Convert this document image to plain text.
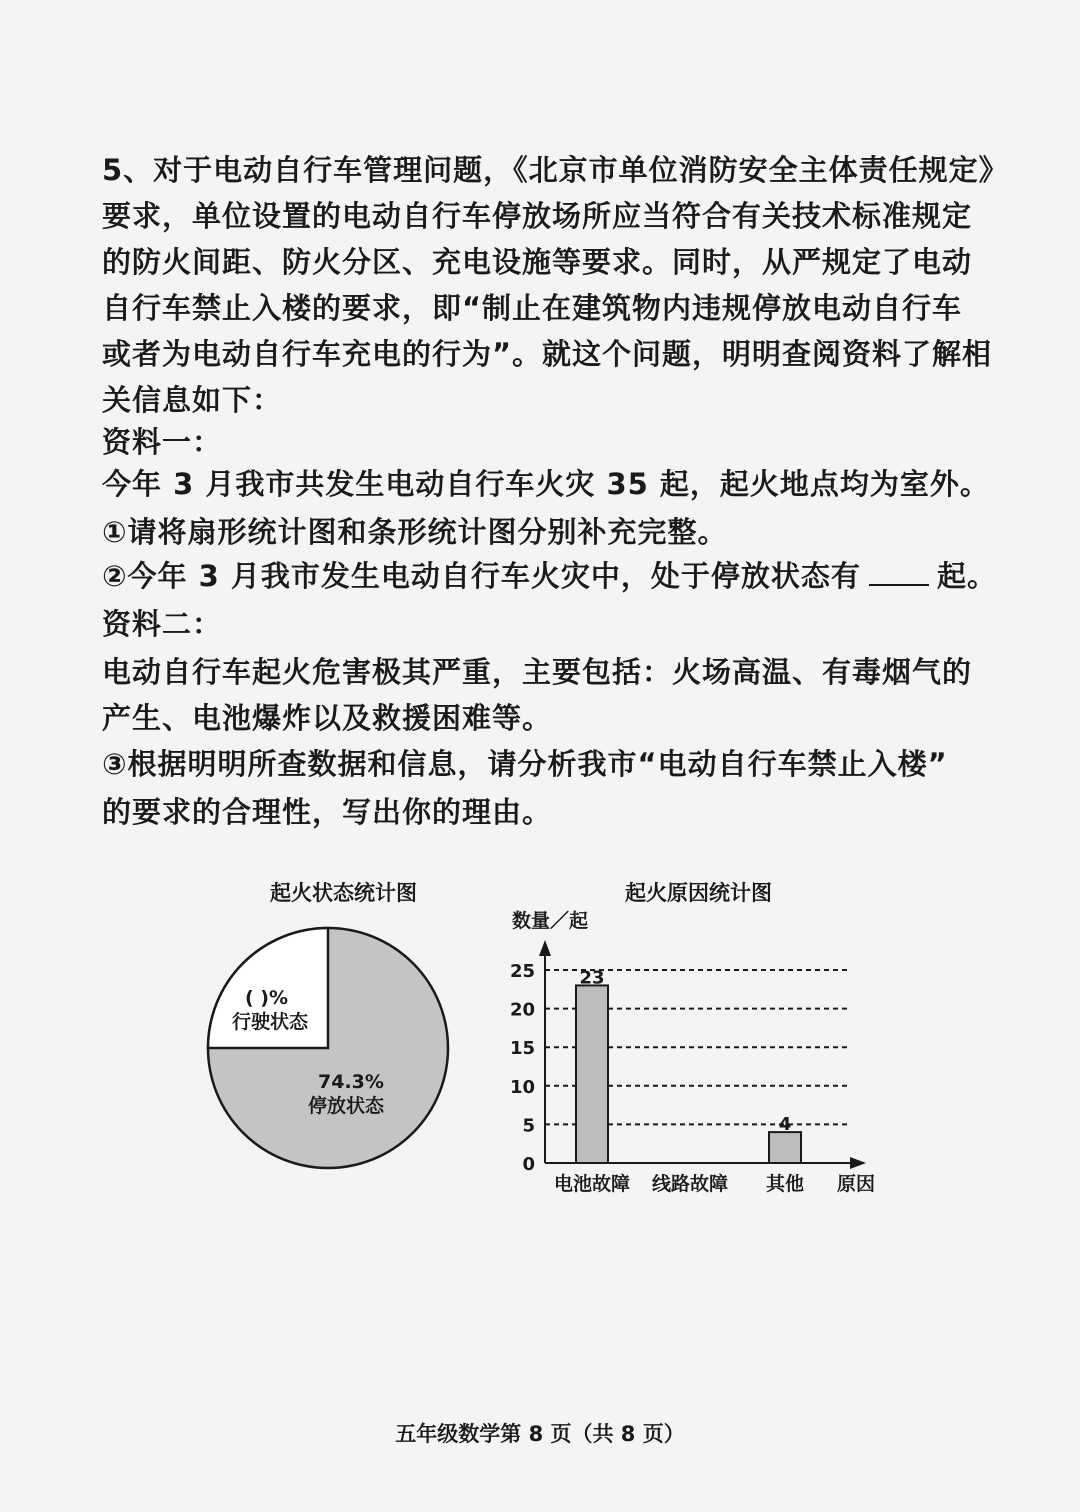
5、对于电动自行车管理问题，《北京市单位消防安全主体责任规定》
要求，单位设置的电动自行车停放场所应当符合有关技术标准规定
的防火间距、防火分区、充电设施等要求。同时，从严规定了电动
自行车禁止入楼的要求，即“制止在建筑物内违规停放电动自行车
或者为电动自行车充电的行为”。就这个问题，明明查阅资料了解相
关信息如下：
资料一：
今年 3 月我市共发生电动自行车火灾 35 起，起火地点均为室外。
①请将扇形统计图和条形统计图分别补充完整。
②今年 3 月我市发生电动自行车火灾中，处于停放状态有	起。
资料二：
电动自行车起火危害极其严重，主要包括：火场高温、有毒烟气的
产生、电池爆炸以及救援困难等。
③根据明明所查数据和信息，请分析我市“电动自行车禁止入楼”
的要求的合理性，写出你的理由。
起火状态统计图
( )%
行驶状态
74.3%
停放状态
起火原因统计图
数量／起
原因
0
5
10
15
20
25 23
电池故障 线路故障
4
其他
五年级数学第 8 页（共 8 页）
